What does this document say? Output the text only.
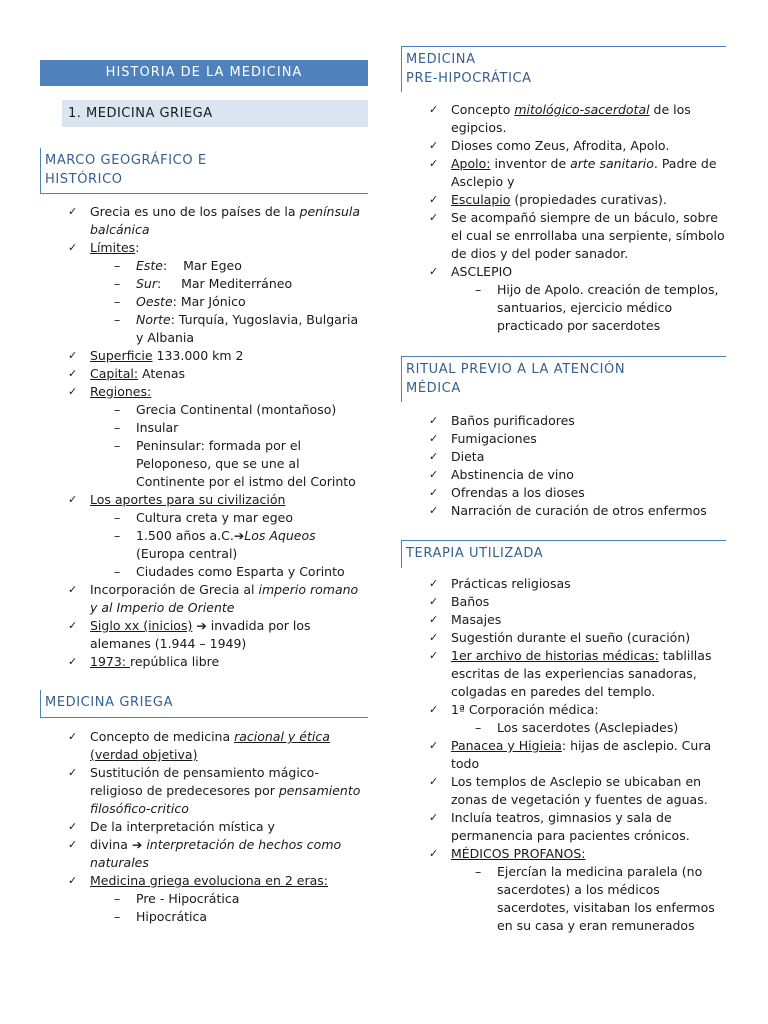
HISTORIA DE LA MEDICINA
1. MEDICINA GRIEGA
MARCO GEOGRÁFICO E
HISTÓRICO
✓ Grecia es uno de los países de la península balcánica
✓ Límites:
– Este:    Mar Egeo
– Sur:     Mar Mediterráneo
– Oeste: Mar Jónico
– Norte: Turquía, Yugoslavia, Bulgaria y Albania
✓ Superficie 133.000 km 2
✓ Capital: Atenas
✓ Regiones:
– Grecia Continental (montañoso)
– Insular
– Peninsular: formada por el Peloponeso, que se une al Continente por el istmo del Corinto
✓ Los aportes para su civilización
– Cultura creta y mar egeo
– 1.500 años a.C.➔Los Aqueos (Europa central)
– Ciudades como Esparta y Corinto
✓ Incorporación de Grecia al imperio romano y al Imperio de Oriente
✓ Siglo xx (inicios) ➔ invadida por los alemanes (1.944 – 1949)
✓ 1973: república libre
MEDICINA GRIEGA
✓ Concepto de medicina racional y ética
(verdad objetiva)
✓ Sustitución de pensamiento mágico-religioso de predecesores por pensamiento filosófico-critico
✓ De la interpretación mística y
✓ divina ➔ interpretación de hechos como naturales
✓ Medicina griega evoluciona en 2 eras:
– Pre - Hipocrática
– Hipocrática
MEDICINA
PRE-HIPOCRÁTICA
✓ Concepto mitológico-sacerdotal de los egipcios.
✓ Dioses como Zeus, Afrodita, Apolo.
✓ Apolo: inventor de arte sanitario. Padre de Asclepio y
✓ Esculapio (propiedades curativas).
✓ Se acompañó siempre de un báculo, sobre el cual se enrrollaba una serpiente, símbolo de dios y del poder sanador.
✓ ASCLEPIO
– Hijo de Apolo. creación de templos, santuarios, ejercicio médico practicado por sacerdotes
RITUAL PREVIO A LA ATENCIÓN
MÉDICA
✓ Baños purificadores
✓ Fumigaciones
✓ Dieta
✓ Abstinencia de vino
✓ Ofrendas a los dioses
✓ Narración de curación de otros enfermos
TERAPIA UTILIZADA
✓ Prácticas religiosas
✓ Baños
✓ Masajes
✓ Sugestión durante el sueño (curación)
✓ 1er archivo de historias médicas: tablillas escritas de las experiencias sanadoras, colgadas en paredes del templo.
✓ 1ª Corporación médica:
– Los sacerdotes (Asclepiades)
✓ Panacea y Higieia: hijas de asclepio. Cura todo
✓ Los templos de Asclepio se ubicaban en zonas de vegetación y fuentes de aguas.
✓ Incluía teatros, gimnasios y sala de permanencia para pacientes crónicos.
✓ MÉDICOS PROFANOS:
– Ejercían la medicina paralela (no sacerdotes) a los médicos sacerdotes, visitaban los enfermos en su casa y eran remunerados
